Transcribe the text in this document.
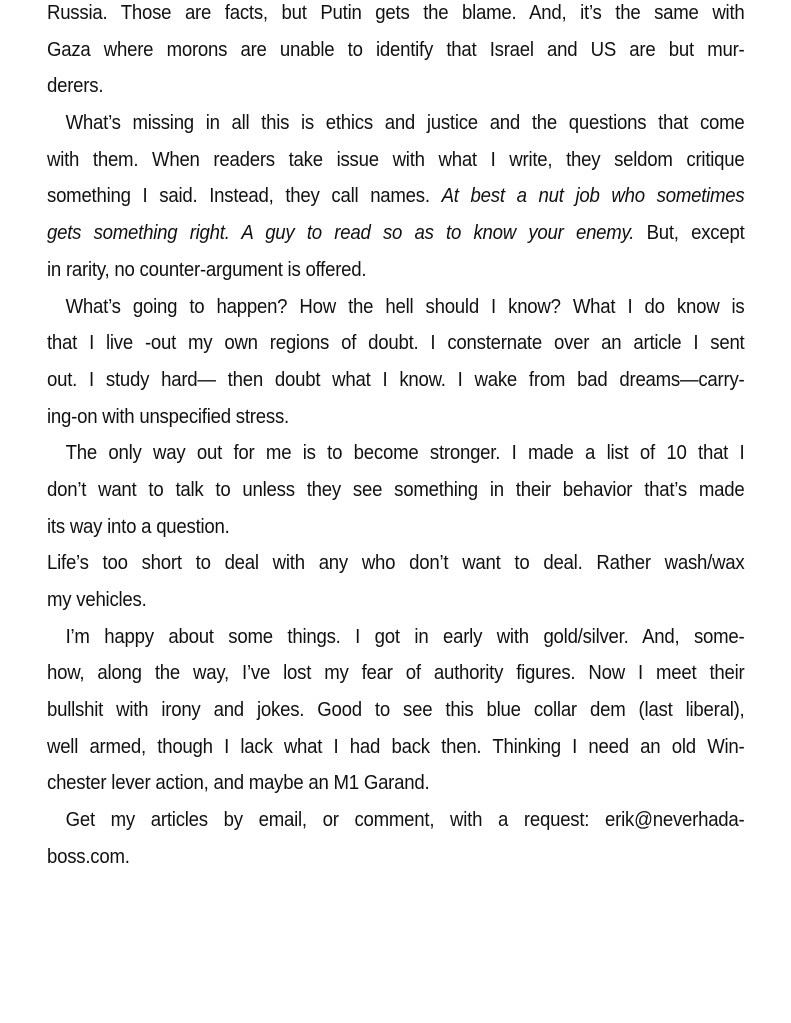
Russia. Those are facts, but Putin gets the blame. And, it’s the same with
Gaza where morons are unable to identify that Israel and US are but mur-
derers.
What’s missing in all this is ethics and justice and the questions that come
with them. When readers take issue with what I write, they seldom critique
something I said. Instead, they call names. At best a nut job who sometimes
gets something right. A guy to read so as to know your enemy. But, except
in rarity, no counter-argument is offered.
What’s going to happen? How the hell should I know? What I do know is
that I live -out my own regions of doubt. I consternate over an article I sent
out. I study hard— then doubt what I know. I wake from bad dreams—carry-
ing-on with unspecified stress.
The only way out for me is to become stronger. I made a list of 10 that I
don’t want to talk to unless they see something in their behavior that’s made
its way into a question.
Life’s too short to deal with any who don’t want to deal. Rather wash/wax
my vehicles.
I’m happy about some things. I got in early with gold/silver. And, some-
how, along the way, I’ve lost my fear of authority figures. Now I meet their
bullshit with irony and jokes. Good to see this blue collar dem (last liberal),
well armed, though I lack what I had back then. Thinking I need an old Win-
chester lever action, and maybe an M1 Garand.
Get my articles by email, or comment, with a request: erik@neverhada-
boss.com.
